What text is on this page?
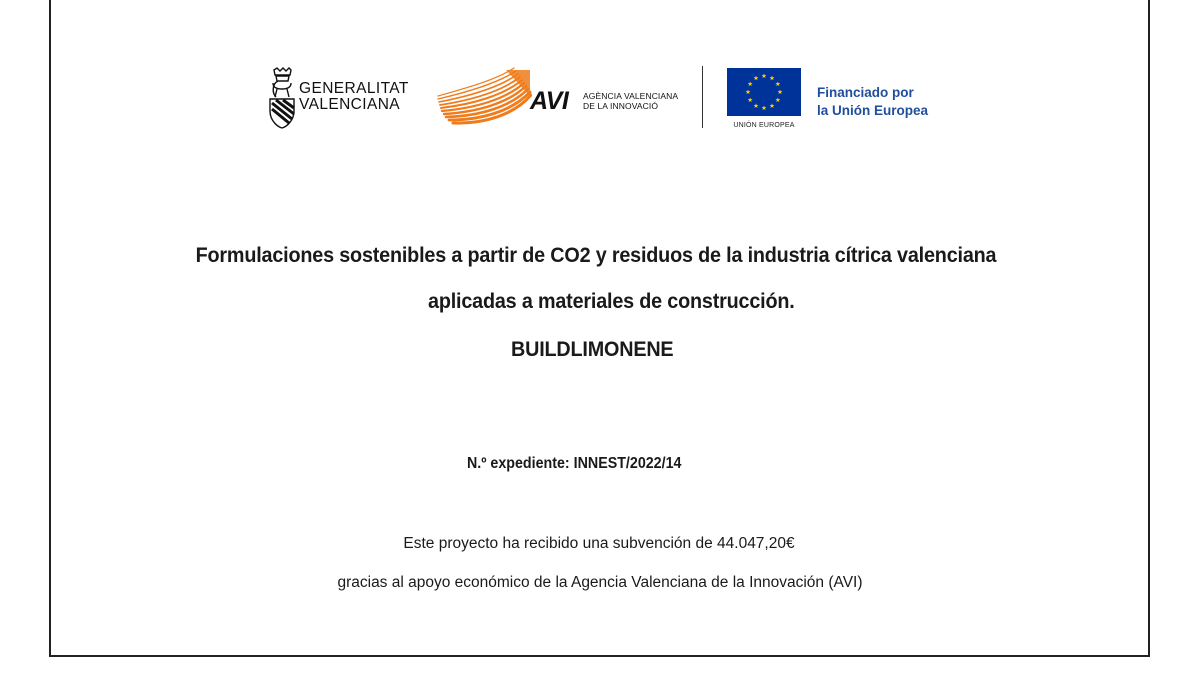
GENERALITAT
VALENCIANA	AVI AGÈNCIA VALENCIANA
DE LA INNOVACIÓ
UNIÓN EUROPEA
Financiado por
la Unión Europea
Formulaciones sostenibles a partir de CO2 y residuos de la industria cítrica valenciana
aplicadas a materiales de construcción.
BUILDLIMONENE
N.º expediente: INNEST/2022/14
Este proyecto ha recibido una subvención de 44.047,20€
gracias al apoyo económico de la Agencia Valenciana de la Innovación (AVI)
